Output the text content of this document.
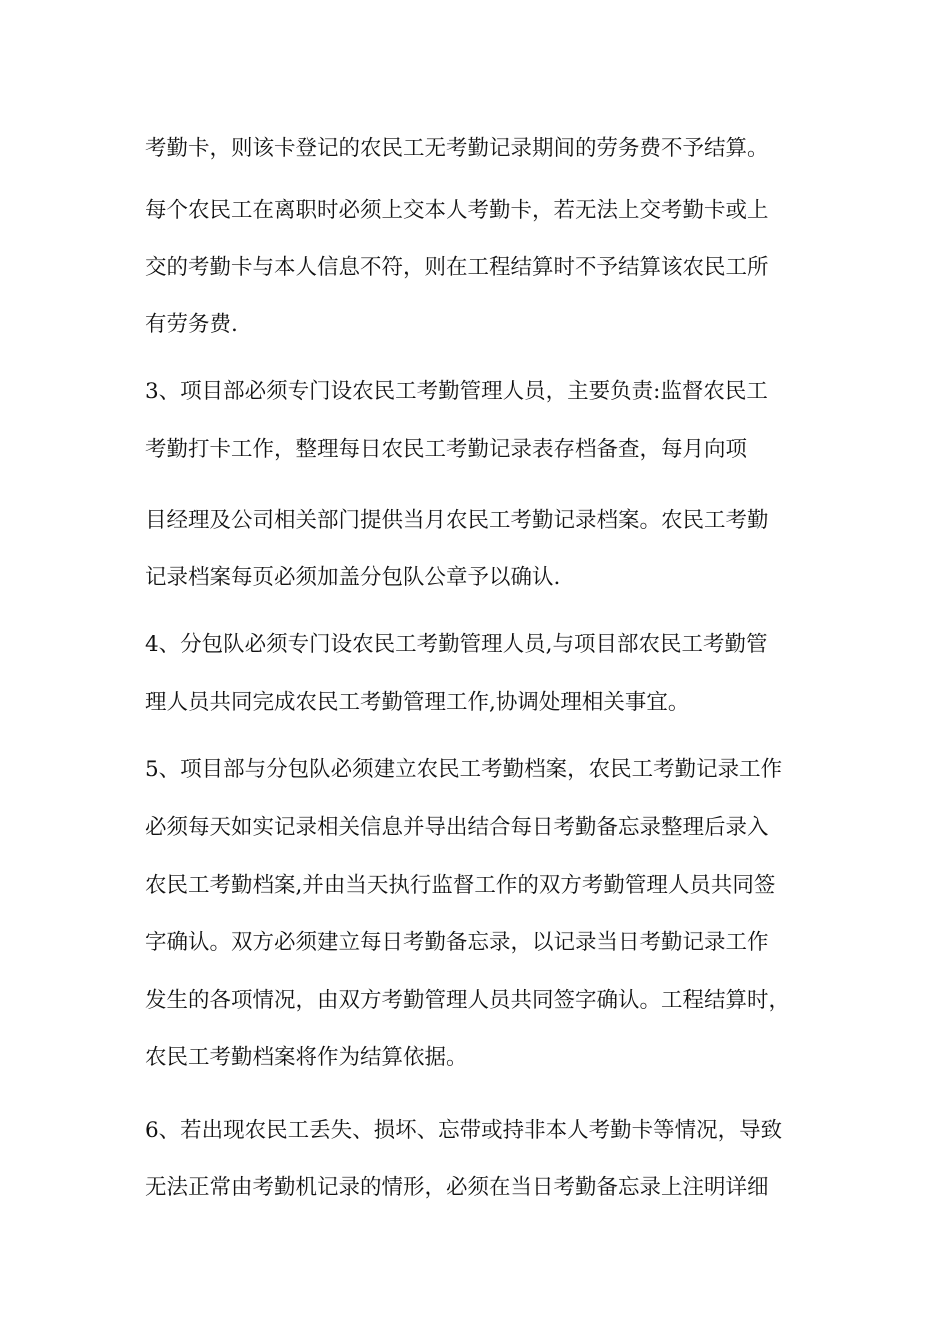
考勤卡，则该卡登记的农民工无考勤记录期间的劳务费不予结算。

每个农民工在离职时必须上交本人考勤卡，若无法上交考勤卡或上

交的考勤卡与本人信息不符，则在工程结算时不予结算该农民工所

有劳务费.

3、项目部必须专门设农民工考勤管理人员，主要负责:监督农民工

考勤打卡工作，整理每日农民工考勤记录表存档备查，每月向项

目经理及公司相关部门提供当月农民工考勤记录档案。农民工考勤

记录档案每页必须加盖分包队公章予以确认.

4、分包队必须专门设农民工考勤管理人员,与项目部农民工考勤管

理人员共同完成农民工考勤管理工作,协调处理相关事宜。

5、项目部与分包队必须建立农民工考勤档案，农民工考勤记录工作

必须每天如实记录相关信息并导出结合每日考勤备忘录整理后录入

农民工考勤档案,并由当天执行监督工作的双方考勤管理人员共同签

字确认。双方必须建立每日考勤备忘录，以记录当日考勤记录工作

发生的各项情况，由双方考勤管理人员共同签字确认。工程结算时，

农民工考勤档案将作为结算依据。

6、若出现农民工丢失、损坏、忘带或持非本人考勤卡等情况，导致

无法正常由考勤机记录的情形，必须在当日考勤备忘录上注明详细
